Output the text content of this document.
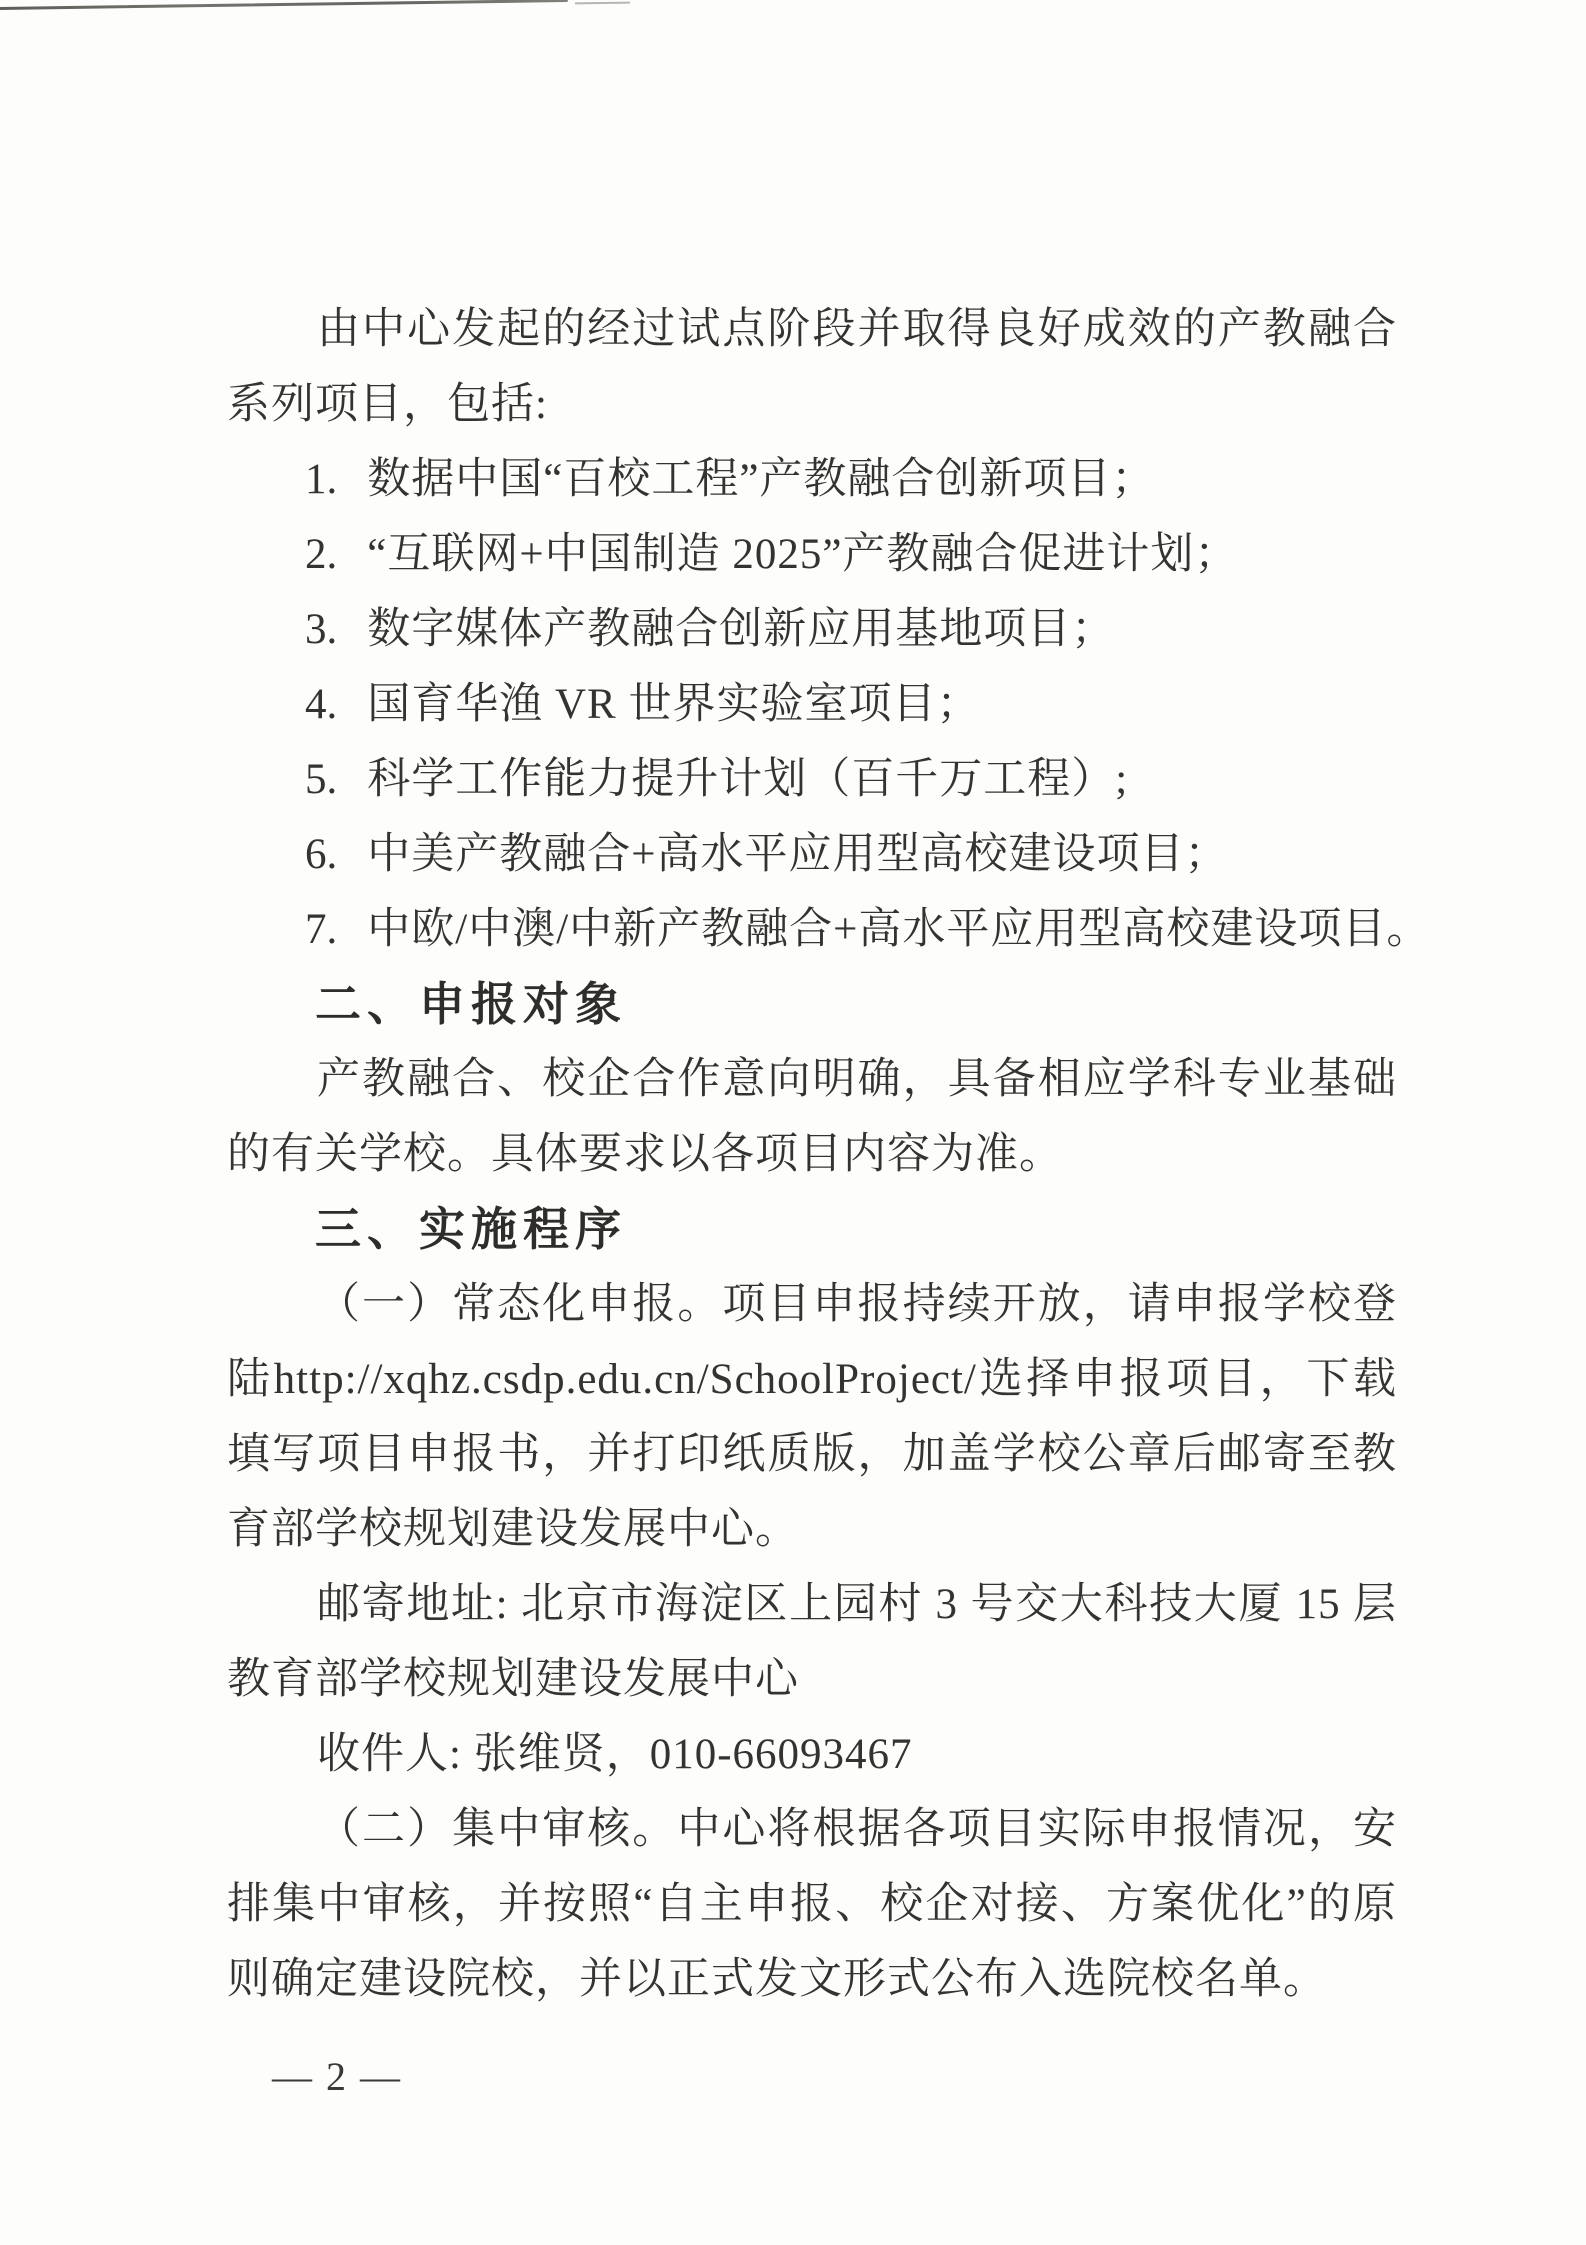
由中心发起的经过试点阶段并取得良好成效的产教融合系列项目，包括:

1. 数据中国“百校工程”产教融合创新项目；
2. “互联网+中国制造 2025”产教融合促进计划；
3. 数字媒体产教融合创新应用基地项目；
4. 国育华渔 VR 世界实验室项目；
5. 科学工作能力提升计划（百千万工程）;
6. 中美产教融合+高水平应用型高校建设项目；
7. 中欧/中澳/中新产教融合+高水平应用型高校建设项目。
二、申报对象

产教融合、校企合作意向明确，具备相应学科专业基础的有关学校。具体要求以各项目内容为准。

三、实施程序

（一）常态化申报。项目申报持续开放，请申报学校登陆http://xqhz.csdp.edu.cn/SchoolProject/选择申报项目，下载填写项目申报书，并打印纸质版，加盖学校公章后邮寄至教育部学校规划建设发展中心。

邮寄地址: 北京市海淀区上园村 3 号交大科技大厦 15 层教育部学校规划建设发展中心

收件人: 张维贤，010-66093467

（二）集中审核。中心将根据各项目实际申报情况，安排集中审核，并按照“自主申报、校企对接、方案优化”的原则确定建设院校，并以正式发文形式公布入选院校名单。

— 2 —
